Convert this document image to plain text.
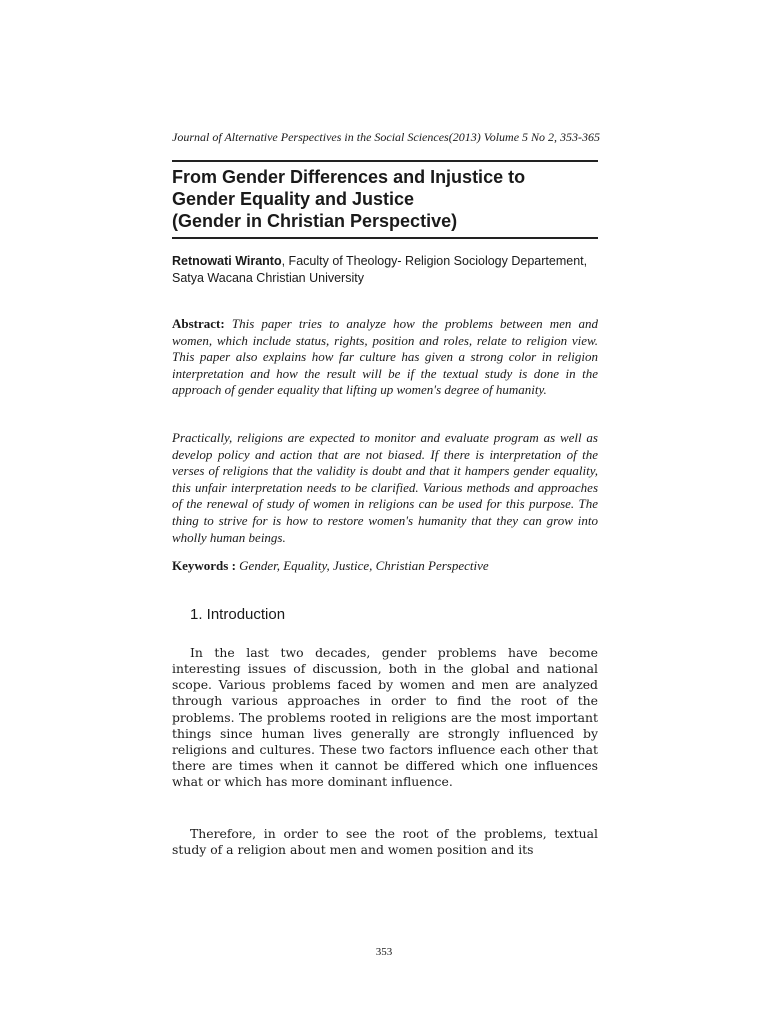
Journal of Alternative Perspectives in the Social Sciences(2013) Volume 5 No 2, 353-365
From Gender Differences and Injustice to
Gender Equality and Justice
(Gender in Christian Perspective)
Retnowati Wiranto, Faculty of Theology- Religion Sociology Departement, Satya Wacana Christian University

Abstract: This paper tries to analyze how the problems between men and women, which include status, rights, position and roles, relate to religion view. This paper also explains how far culture has given a strong color in religion interpretation and how the result will be if the textual study is done in the approach of gender equality that lifting up women's degree of humanity.

Practically, religions are expected to monitor and evaluate program as well as develop policy and action that are not biased. If there is interpretation of the verses of religions that the validity is doubt and that it hampers gender equality, this unfair interpretation needs to be clarified. Various methods and approaches of the renewal of study of women in religions can be used for this purpose. The thing to strive for is how to restore women's humanity that they can grow into wholly human beings.

Keywords : Gender, Equality, Justice, Christian Perspective
1. Introduction

In the last two decades, gender problems have become interesting issues of discussion, both in the global and national scope. Various problems faced by women and men are analyzed through various approaches in order to find the root of the problems. The problems rooted in religions are the most important things since human lives generally are strongly influenced by religions and cultures. These two factors influence each other that there are times when it cannot be differed which one influences what or which has more dominant influence.

Therefore, in order to see the root of the problems, textual study of a religion about men and women position and its

353
